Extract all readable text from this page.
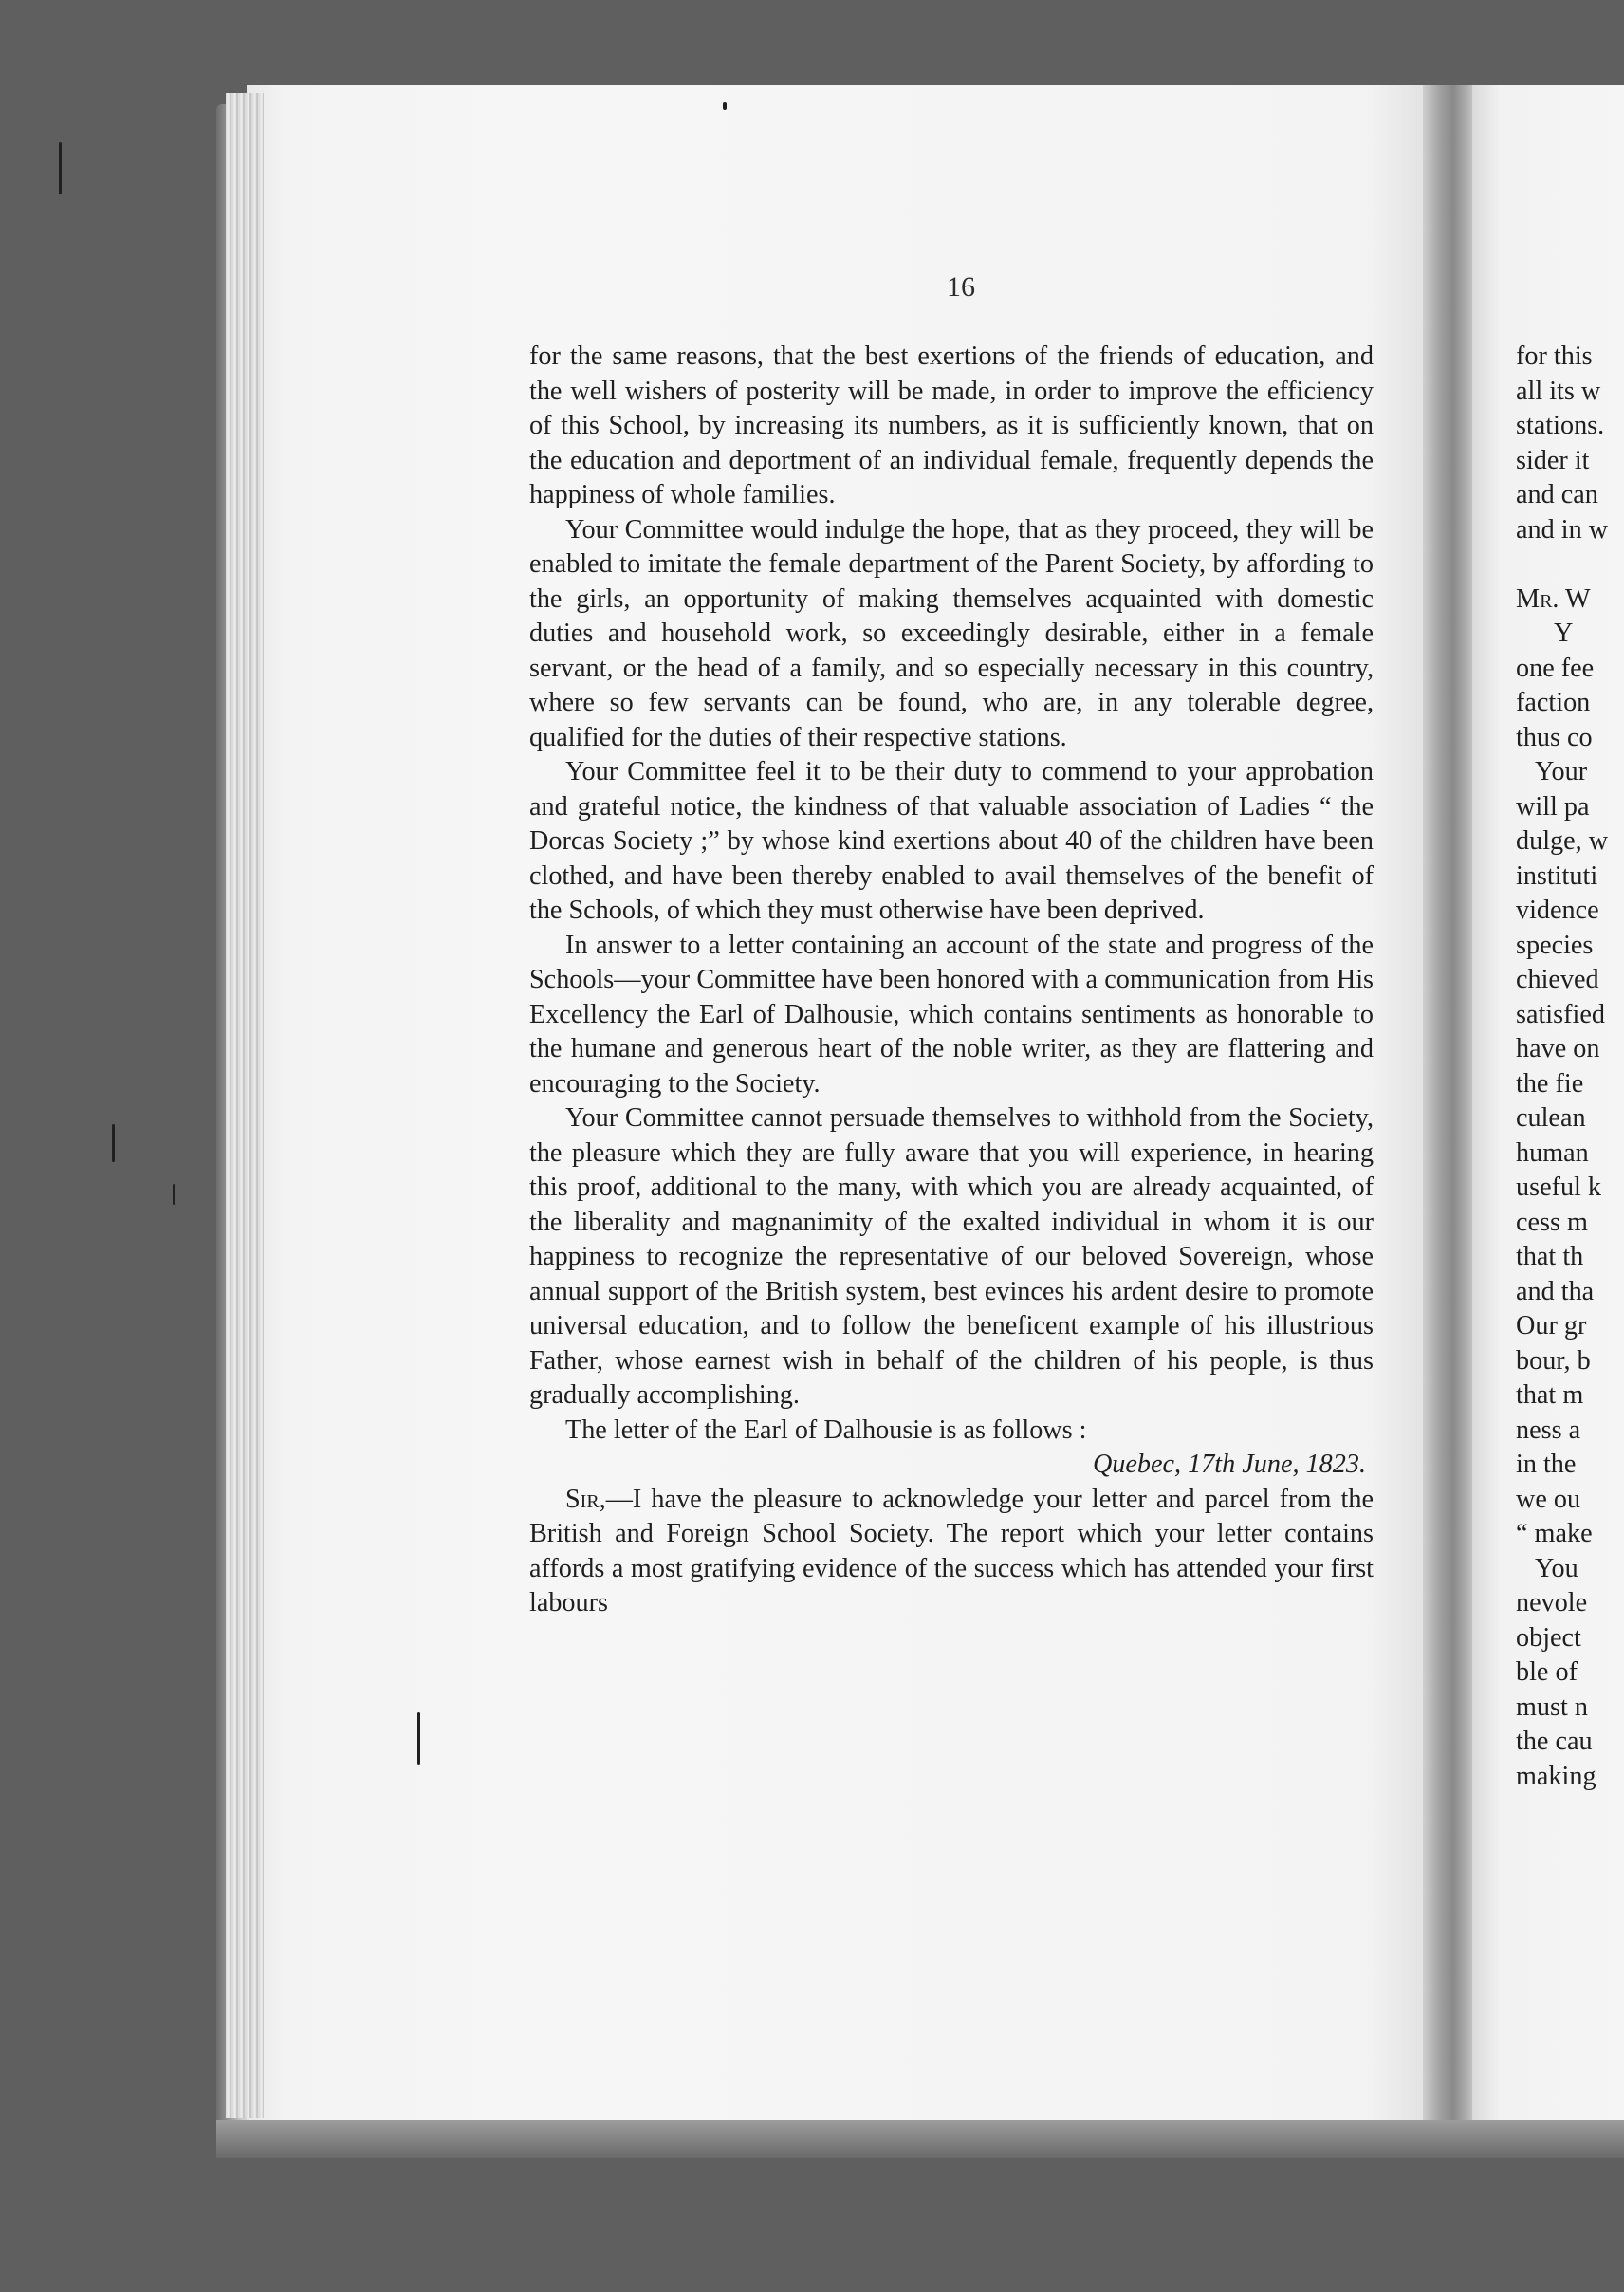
16

for the same reasons, that the best exertions of the friends of education, and the well wishers of posterity will be made, in order to improve the efficiency of this School, by increasing its numbers, as it is sufficiently known, that on the education and deportment of an individual female, frequently depends the happiness of whole families.

Your Committee would indulge the hope, that as they proceed, they will be enabled to imitate the female department of the Parent Society, by affording to the girls, an opportunity of making themselves acquainted with domestic duties and household work, so exceedingly desirable, either in a female servant, or the head of a family, and so especially necessary in this country, where so few servants can be found, who are, in any tolerable degree, qualified for the duties of their respective stations.

Your Committee feel it to be their duty to commend to your approbation and grateful notice, the kindness of that valuable association of Ladies “ the Dorcas Society ;” by whose kind exertions about 40 of the children have been clothed, and have been thereby enabled to avail themselves of the benefit of the Schools, of which they must otherwise have been deprived.

In answer to a letter containing an account of the state and progress of the Schools—your Committee have been honored with a communication from His Excellency the Earl of Dalhousie, which contains sentiments as honorable to the humane and generous heart of the noble writer, as they are flattering and encouraging to the Society.

Your Committee cannot persuade themselves to withhold from the Society, the pleasure which they are fully aware that you will experience, in hearing this proof, additional to the many, with which you are already acquainted, of the liberality and magnanimity of the exalted individual in whom it is our happiness to recognize the representative of our beloved Sovereign, whose annual support of the British system, best evinces his ardent desire to promote universal education, and to follow the beneficent example of his illustrious Father, whose earnest wish in behalf of the children of his people, is thus gradually accomplishing.

The letter of the Earl of Dalhousie is as follows :

Quebec, 17th June, 1823.

Sir,—I have the pleasure to acknowledge your letter and parcel from the British and Foreign School Society. The report which your letter contains affords a most gratifying evidence of the success which has attended your first labours

for this
all its w
stations.
sider it
and can
and in w
Mr. W
Y
one fee
faction
thus co
Your
will pa
dulge, w
instituti
vidence
species
chieved
satisfied
have on
the fie
culean
human
useful k
cess m
that th
and tha
Our gr
bour, b
that m
ness a
in the
we ou
“ make
You
nevole
object
ble of
must n
the cau
making
